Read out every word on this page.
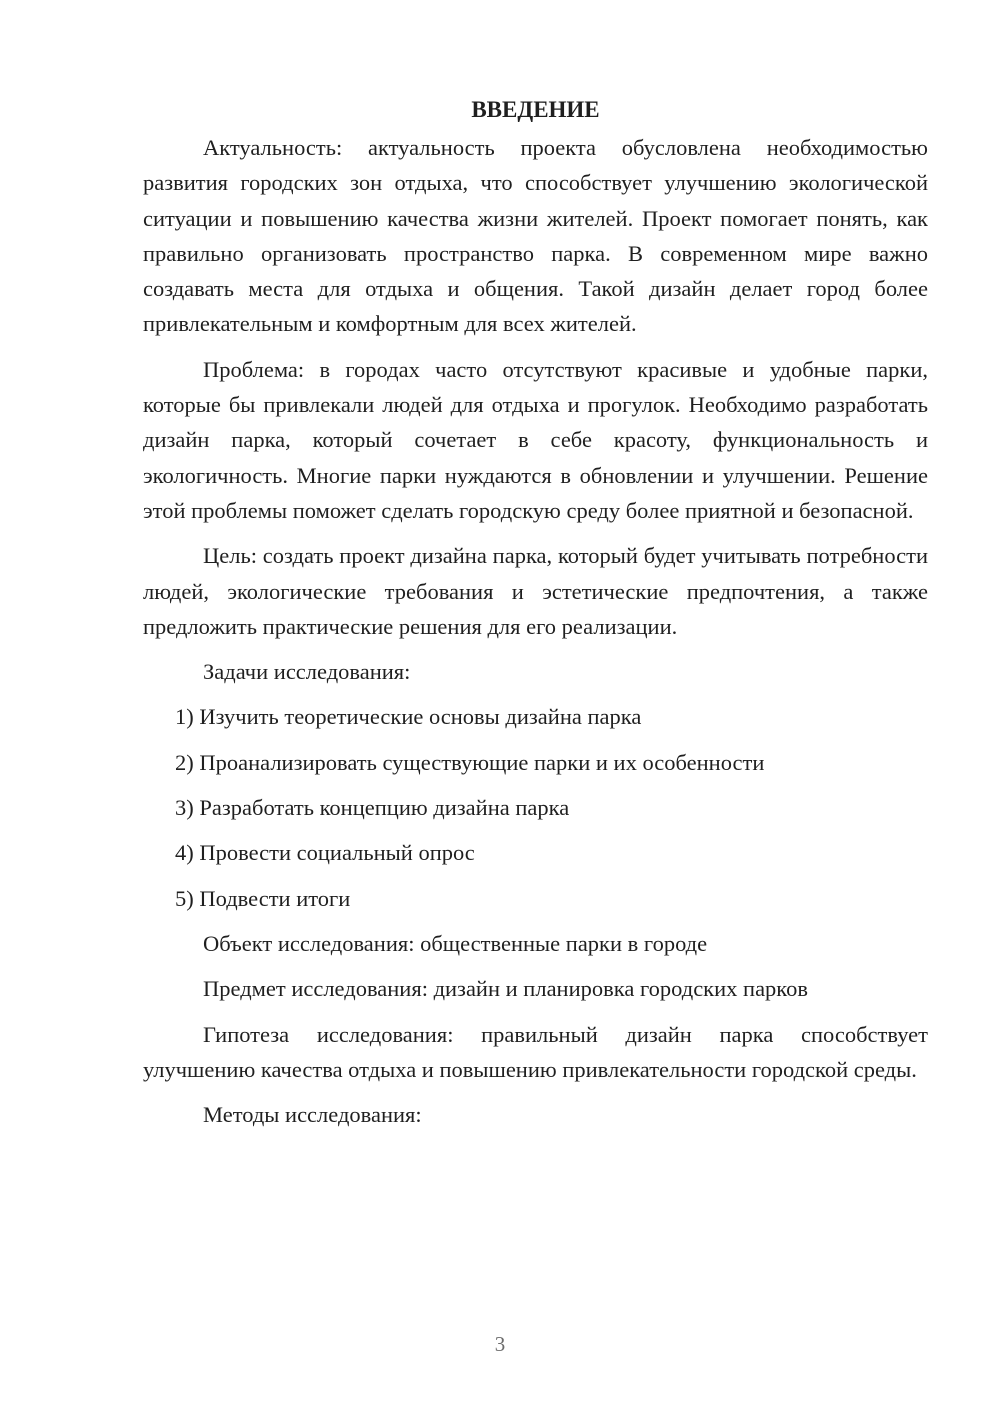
ВВЕДЕНИЕ

Актуальность: актуальность проекта обусловлена необходимостью развития городских зон отдыха, что способствует улучшению экологической ситуации и повышению качества жизни жителей. Проект помогает понять, как правильно организовать пространство парка. В современном мире важно создавать места для отдыха и общения. Такой дизайн делает город более привлекательным и комфортным для всех жителей.

Проблема: в городах часто отсутствуют красивые и удобные парки, которые бы привлекали людей для отдыха и прогулок. Необходимо разработать дизайн парка, который сочетает в себе красоту, функциональность и экологичность. Многие парки нуждаются в обновлении и улучшении. Решение этой проблемы поможет сделать городскую среду более приятной и безопасной.

Цель: создать проект дизайна парка, который будет учитывать потребности людей, экологические требования и эстетические предпочтения, а также предложить практические решения для его реализации.

Задачи исследования:

1) Изучить теоретические основы дизайна парка
2) Проанализировать существующие парки и их особенности
3) Разработать концепцию дизайна парка
4) Провести социальный опрос
5) Подвести итоги

Объект исследования: общественные парки в городе

Предмет исследования: дизайн и планировка городских парков

Гипотеза исследования: правильный дизайн парка способствует улучшению качества отдыха и повышению привлекательности городской среды.

Методы исследования:

3
